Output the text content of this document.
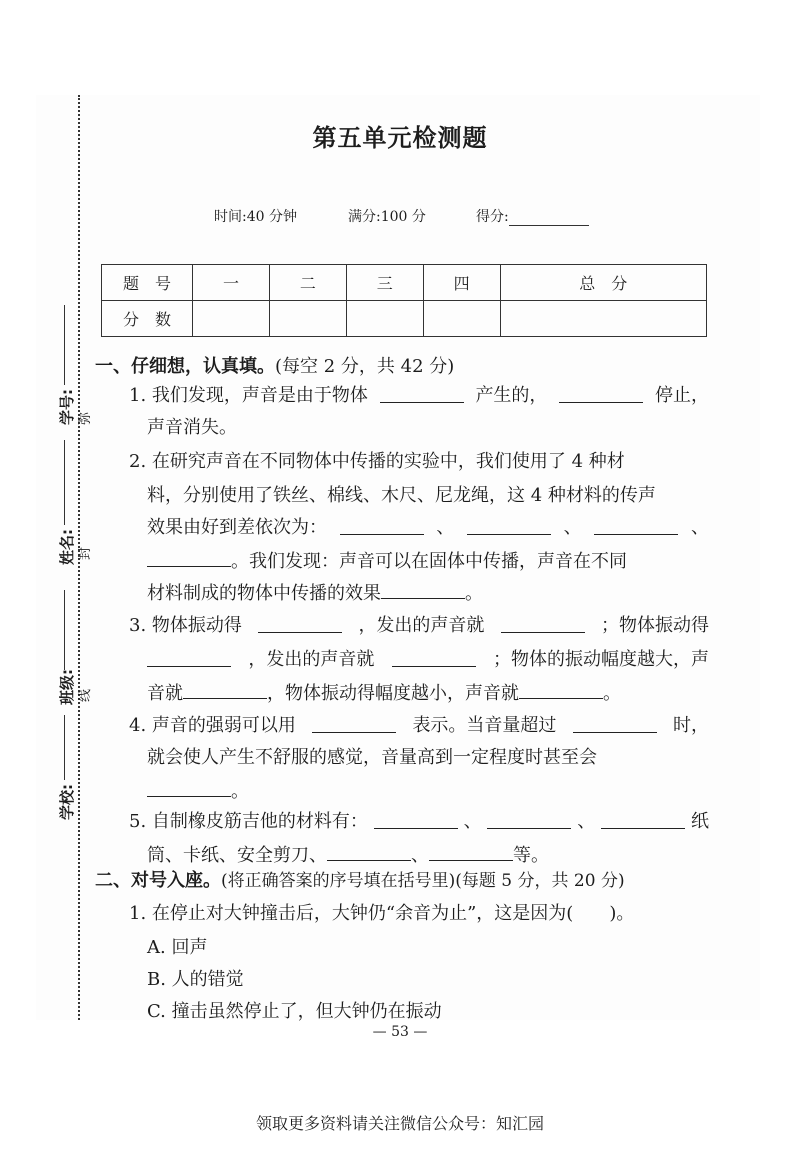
学号: 弥
姓名: 封
班级: 线
学校:
第五单元检测题
时间:40 分钟	满分:100 分	得分:
题　号	一	二	三	四	总　分
分　数					
一、仔细想，认真填。(每空 2 分，共 42 分)
1. 我们发现，声音是由于物体	产生的，	停止，
声音消失。
2. 在研究声音在不同物体中传播的实验中，我们使用了 4 种材
料，分别使用了铁丝、棉线、木尺、尼龙绳，这 4 种材料的传声
效果由好到差依次为：	、	、	、
。我们发现：声音可以在固体中传播，声音在不同
材料制成的物体中传播的效果	。
3. 物体振动得	，发出的声音就	；物体振动得
，发出的声音就	；物体的振动幅度越大，声
音就	，物体振动得幅度越小，声音就	。
4. 声音的强弱可以用	表示。当音量超过	时，
就会使人产生不舒服的感觉，音量高到一定程度时甚至会
。
5. 自制橡皮筋吉他的材料有：	、	、	纸
筒、卡纸、安全剪刀、	、	等。
二、对号入座。(将正确答案的序号填在括号里)(每题 5 分，共 20 分)
1. 在停止对大钟撞击后，大钟仍“余音为止”，这是因为(　　)。
A. 回声
B. 人的错觉
C. 撞击虽然停止了，但大钟仍在振动
— 53 —
领取更多资料请关注微信公众号：知汇园
